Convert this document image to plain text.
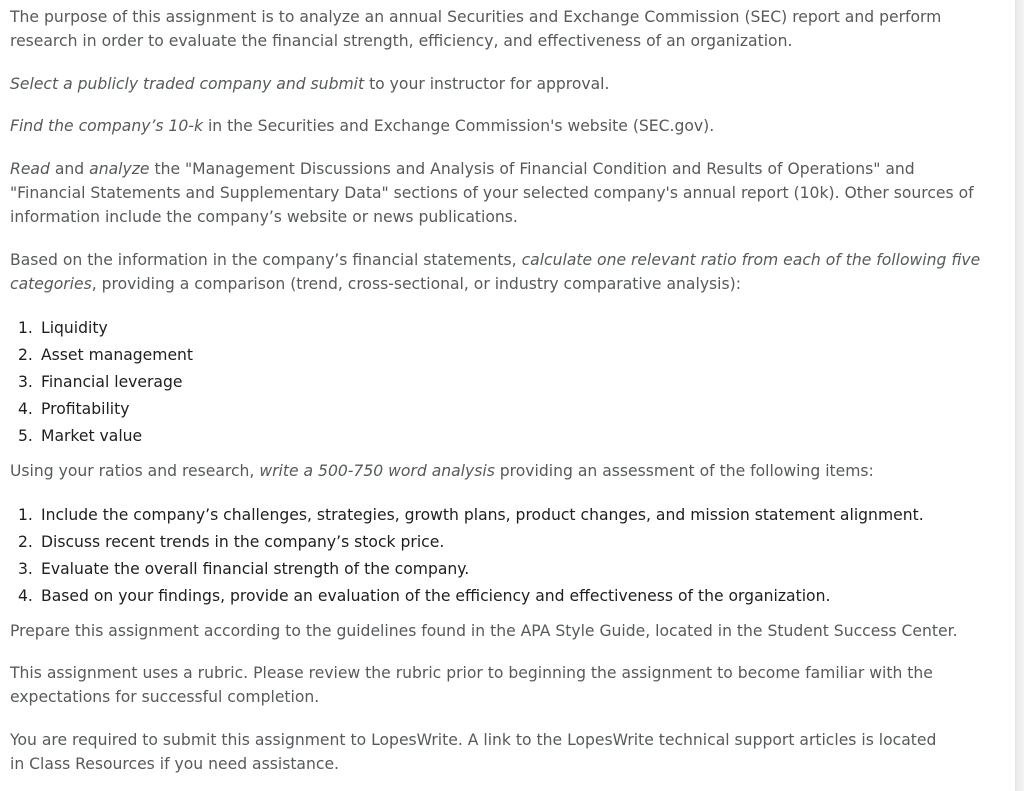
The purpose of this assignment is to analyze an annual Securities and Exchange Commission (SEC) report and perform
research in order to evaluate the financial strength, efficiency, and effectiveness of an organization.

Select a publicly traded company and submit to your instructor for approval.

Find the company’s 10-k in the Securities and Exchange Commission's website (SEC.gov).

Read and analyze the "Management Discussions and Analysis of Financial Condition and Results of Operations" and
"Financial Statements and Supplementary Data" sections of your selected company's annual report (10k). Other sources of
information include the company’s website or news publications.

Based on the information in the company’s financial statements, calculate one relevant ratio from each of the following five
categories, providing a comparison (trend, cross-sectional, or industry comparative analysis):

1. Liquidity
2. Asset management
3. Financial leverage
4. Profitability
5. Market value

Using your ratios and research, write a 500-750 word analysis providing an assessment of the following items:

1. Include the company’s challenges, strategies, growth plans, product changes, and mission statement alignment.
2. Discuss recent trends in the company’s stock price.
3. Evaluate the overall financial strength of the company.
4. Based on your findings, provide an evaluation of the efficiency and effectiveness of the organization.

Prepare this assignment according to the guidelines found in the APA Style Guide, located in the Student Success Center.

This assignment uses a rubric. Please review the rubric prior to beginning the assignment to become familiar with the
expectations for successful completion.

You are required to submit this assignment to LopesWrite. A link to the LopesWrite technical support articles is located
in Class Resources if you need assistance.
